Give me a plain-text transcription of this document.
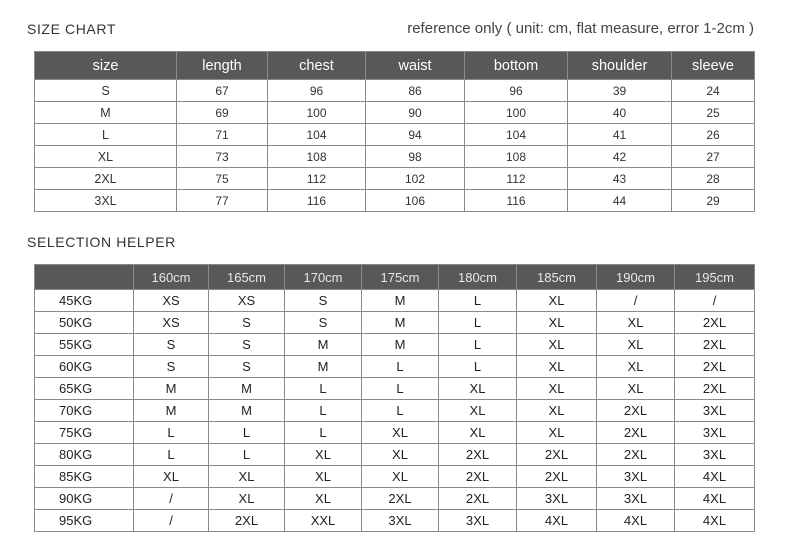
SIZE CHART	reference only ( unit: cm, flat measure, error 1-2cm )
size	length	chest	waist	bottom	shoulder	sleeve
S	67	96	86	96	39	24
M	69	100	90	100	40	25
L	71	104	94	104	41	26
XL	73	108	98	108	42	27
2XL	75	112	102	112	43	28
3XL	77	116	106	116	44	29
SELECTION HELPER
	160cm	165cm	170cm	175cm	180cm	185cm	190cm	195cm
45KG	XS	XS	S	M	L	XL	/	/
50KG	XS	S	S	M	L	XL	XL	2XL
55KG	S	S	M	M	L	XL	XL	2XL
60KG	S	S	M	L	L	XL	XL	2XL
65KG	M	M	L	L	XL	XL	XL	2XL
70KG	M	M	L	L	XL	XL	2XL	3XL
75KG	L	L	L	XL	XL	XL	2XL	3XL
80KG	L	L	XL	XL	2XL	2XL	2XL	3XL
85KG	XL	XL	XL	XL	2XL	2XL	3XL	4XL
90KG	/	XL	XL	2XL	2XL	3XL	3XL	4XL
95KG	/	2XL	XXL	3XL	3XL	4XL	4XL	4XL
